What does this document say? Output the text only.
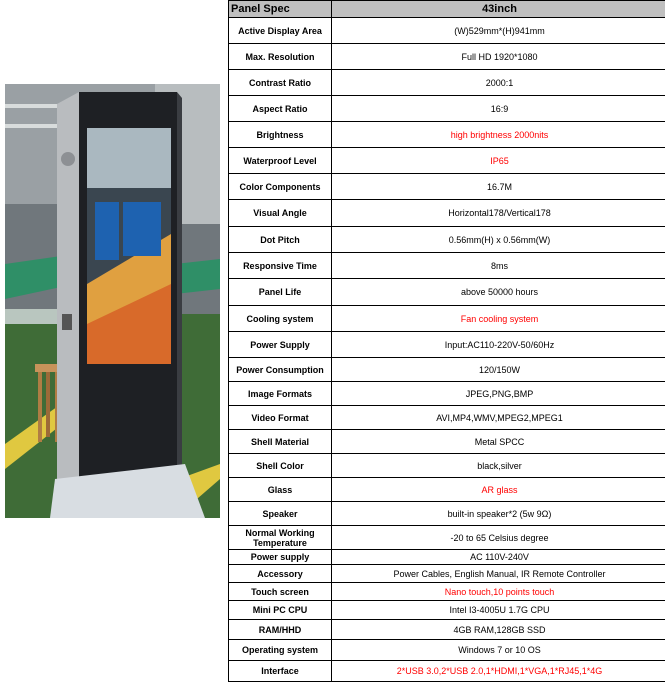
Panel Spec	43inch
Active Display Area	(W)529mm*(H)941mm
Max. Resolution	Full HD 1920*1080
Contrast Ratio	2000:1
Aspect Ratio	16:9
Brightness	high brightness 2000nits
Waterproof Level	IP65
Color Components	16.7M
Visual Angle	Horizontal178/Vertical178
Dot Pitch	0.56mm(H) x 0.56mm(W)
Responsive Time	8ms
Panel Life	above 50000 hours
Cooling system	Fan cooling system
Power Supply	Input:AC110-220V-50/60Hz
Power Consumption	120/150W
Image Formats	JPEG,PNG,BMP
Video Format	AVI,MP4,WMV,MPEG2,MPEG1
Shell Material	Metal SPCC
Shell Color	black,silver
Glass	AR glass
Speaker	built-in speaker*2 (5w 9Ω)
Normal Working Temperature	-20 to 65 Celsius degree
Power supply	AC 110V-240V
Accessory	Power Cables, English Manual, IR Remote Controller
Touch screen	Nano touch,10 points touch
Mini PC CPU	Intel I3-4005U 1.7G CPU
RAM/HHD	4GB RAM,128GB SSD
Operating system	Windows 7 or 10 OS
Interface	2*USB 3.0,2*USB 2.0,1*HDMI,1*VGA,1*RJ45,1*4G
